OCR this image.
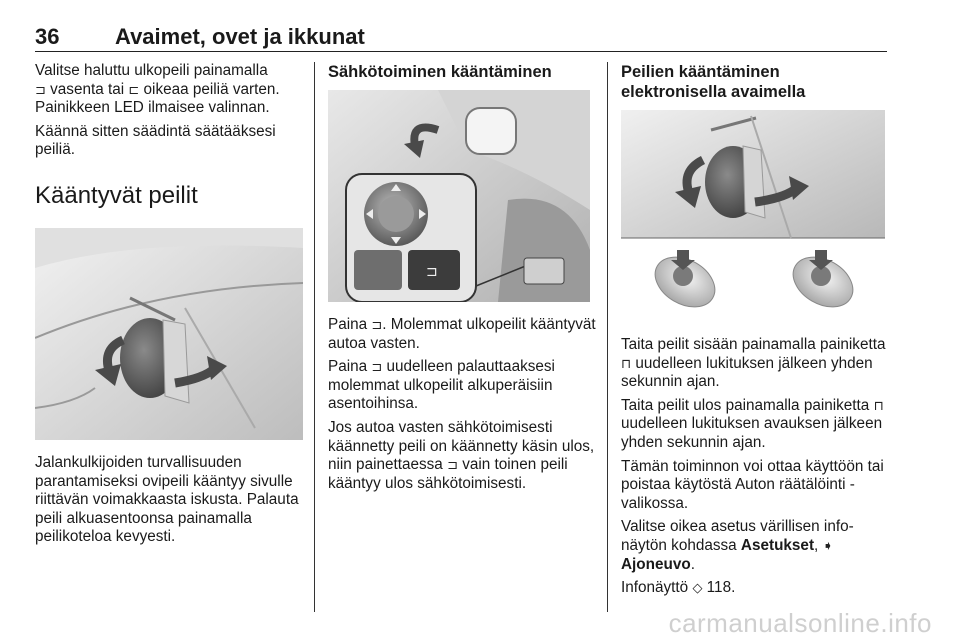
36	Avaimet, ovet ja ikkunat

Valitse haluttu ulkopeili painamalla
⊐ vasenta tai ⊏ oikeaa peiliä varten.
Painikkeen LED ilmaisee valinnan.

Käännä sitten säädintä säätääksesi peiliä.

Kääntyvät peilit

Jalankulkijoiden turvallisuuden parantamiseksi ovipeili kääntyy sivulle riittävän voimakkaasta iskusta. Palauta peili alkuasentoonsa painamalla peilikoteloa kevyesti.

Sähkötoiminen kääntäminen
⊐

Paina ⊐. Molemmat ulkopeilit kääntyvät autoa vasten.

Paina ⊐ uudelleen palauttaaksesi molemmat ulkopeilit alkuperäisiin asentoihinsa.

Jos autoa vasten sähkötoimisesti käännetty peili on käännetty käsin ulos, niin painettaessa ⊐ vain toinen peili kääntyy ulos sähkötoimisesti.

Peilien kääntäminen
elektronisella avaimella

Taita peilit sisään painamalla painiketta ⊓ uudelleen lukituksen jälkeen yhden sekunnin ajan.

Taita peilit ulos painamalla painiketta ⊓ uudelleen lukituksen avauksen jälkeen yhden sekunnin ajan.

Tämän toiminnon voi ottaa käyttöön tai poistaa käytöstä Auton räätälöinti -valikossa.

Valitse oikea asetus värillisen infonäytön kohdassa Asetukset, ➧
Ajoneuvo.

Infonäyttö ◇ 118.

carmanualsonline.info
